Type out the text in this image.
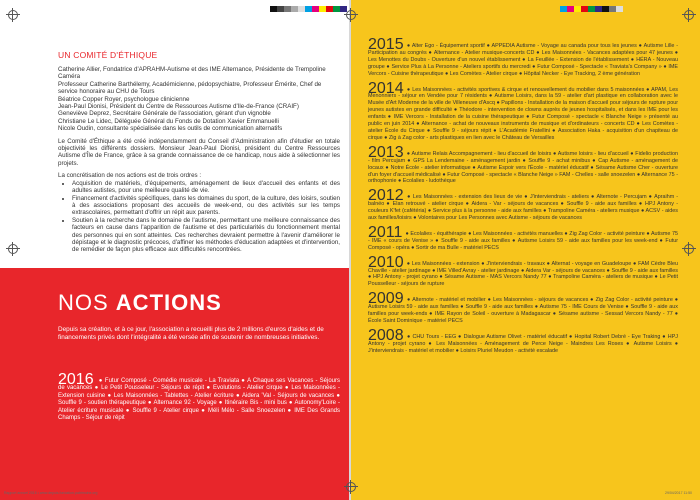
UN COMITÉ D'ÉTHIQUE

Catherine Allier, Fondatrice d'APRAHM-Autisme et des IME Alternance, Présidente de Trempoline Caméra

Professeur Catherine Barthélemy, Académicienne, pédopsychiatre, Professeur Émérite, Chef de service honoraire au CHU de Tours

Béatrice Copper Royer, psychologue clinicienne

Jean-Paul Dionisi, Président du Centre de Ressources Autisme d'Ile-de-France (CRAIF)

Geneviève Deprez, Secrétaire Générale de l'association, gérant d'un vignoble

Christiane Le Lidec, Déléguée Général du Fonds de Dotation Xavier Emmanuelli

Nicole Oudin, consultante spécialisée dans les outils de communication alternatifs

Le Comité d'Éthique a été créé indépendamment du Conseil d'Administration afin d'étudier en totale objectivité les différents dossiers. Monsieur Jean-Paul Dionisi, président du Centre Ressources Autisme d'Île de France, grâce à sa grande connaissance de ce handicap, nous aide à sélectionner les projets.

La concrétisation de nos actions est de trois ordres :

• Acquisition de matériels, d'équipements, aménagement de lieux d'accueil des enfants et des adultes autistes, pour une meilleure qualité de vie.
• Financement d'activités spécifiques, dans les domaines du sport, de la culture, des loisirs, soutien à des associations proposant des accueils de week-end, ou des activités sur les temps extrascolaires, permettant d'offrir un répit aux parents.
• Soutien à la recherche dans le domaine de l'autisme, permettant une meilleure connaissance des facteurs en cause dans l'apparition de l'autisme et des particularités du fonctionnement mental des personnes qui en sont atteintes. Ces recherches devraient permettre à l'avenir d'améliorer le dépistage et le diagnostic précoces, d'affiner les méthodes d'éducation adaptées et d'intervention, de remédier de façon plus efficace aux difficultés rencontrées.
NOS ACTIONS
Depuis sa création, et à ce jour, l'association a recueilli plus de 2 millions d'euros d'aides et de financements privés dont l'intégralité a été versée afin de soutenir de nombreuses initiatives.
2016 ● Futur Composé - Comédie musicale - La Traviata ● A Chaque ses Vacances - Séjours de vacances ● Le Petit Pousseleur - Séjours de répit ● Evolutions - Atelier cirque ● Les Maisonnées - Extension cuisine ● Les Maisonnées - Tablettes - Atelier écriture ● Aidera 'Val - Séjours de vacances ● Souffle 9 - soutien thérapeutique ● Alternance 92 - Voyage ● Itinéraire Bis - mini bus ● Autonomy'Loire - Atelier écriture musicale ● Souffle 9 - Atelier cirque ● Méli Mélo - Salle Snoezelen ● IME Des Grands Champs - Séjour de répit
Rapport annuel 2016 • www.depuis.fondation-patrimoine.org

2015 ● Alter Ego - Équipement sportif ● APPEDIA Autisme - Voyage au canada pour tous les jeunes ● Autisme Lille - Participation au congrès ● Alternance - Atelier musique-concerts CD ● Les Maisonnées - Vacances adaptées pour 47 jeunes ● Les Menottes du Doubs - Ouverture d'un nouvel établissement ● La Feuillée - Extension de l'établissement ● HÉRA - Nouveau groupe ● Service Plus à La Personne - Ateliers sportifs du mercredi ● Futur Composé - Spectacle « Traviata's Company » ● IME Vercors - Cuisine thérapeutique ● Les Comètes - Atelier cirque ● Hôpital Necker - Eye Tracking, 2 ème génération

2014 ● Les Maisonnées - activités sportives & cirque et renouvellement du mobilier dans 5 maisonnées ● APAM, Les Menonniers - séjour en Vendée pour 7 résidents ● Autisme Loisirs, dans la 59 - atelier d'art plastique en collaboration avec le Musée d'Art Moderne de la ville de Villeneuve d'Ascq ● Papillons - Installation de la maison d'accueil pour séjours de rupture pour jeunes autistes en grande difficulté ● Théodore - intervention de clowns auprès de jeunes hospitalisés, et dans les IME pour les enfants ● IME Vercors - Installation de la cuisine thérapeutique ● Futur Composé - spectacle « Blanche Neige » présenté au public en juin 2014 ● Alternance - achat de nouveaux instruments de musique et d'ordinateurs - concerts CD ● Les Comètes - atelier École du Cirque ● Souffle 9 - séjours répit ● L'Académie Fratellini ● Association Haka - acquisition d'un chapiteau de cirque ● Zig à Zag color - arts plastiques en lien avec le Château de Versailles

2013 ● Autisme Relais Accompagnement - lieu d'accueil de loisirs ● Autisme loisirs - lieu d'accueil ● Fidelio production - film Percujam ● GPS La Lendemaine - aménagement jardin ● Souffle 9 - achat minibus ● Cap Autisme - aménagement de locaux ● Notre École - atelier informatique ● Autisme Espoir vers l'École - matériel éducatif ● Sésame Autisme Cher - ouverture d'un foyer d'accueil médicalisé ● Futur Composé - spectacle « Blanche Neige » FAM - Chelles - salle snoezelen ● Alternance 75 - orthophonie ● Ecolalies - ludothèque

2012 ● Les Maisonnées - extension des lieux de vie ● J'interviendrais - ateliers ● Alternote - Percujam ● Apraihm - balnéo ● Elan retrouvé - atelier cirque ● Aidera - Var - séjours de vacances ● Souffle 9 - aide aux familles ● HPJ Antony - couleurs K'fet (cafétéria) ● Service plus à la personne - aide aux familles ● Trampoline Caméra - ateliers musique ● ACSV - aides aux familles/loisirs ● Volontaires pour Les Personnes avec Autisme - séjours de vacances

2011 ● Ecolalies - équithérapie ● Les Maisonnées - activités manuelles ● Zig Zag Color - activité peinture ● Autisme 75 - IME « cours de Venise » ● Souffle 9 - aide aux familles ● Autisme Loisirs 59 - aide aux familles pour les week-end ● Futur Composé - opéra ● Sortir de ma Bulle - matériel PECS

2010 ● Les Maisonnées - extension ● J'interviendrais - travaux ● Alternat - voyage en Guadeloupe ● FAM Cèdre Bleu Chaville - atelier jardinage ● IME Villed'Avray - atelier jardinage ● Aidera Var - séjours de vacances ● Souffle 9 - aide aux familles ● HPJ Antony - projet cyrano ● Sésame Autisme - MAS Vercors Nandy 77 ● Trampoline Caméra - ateliers de musique ● Le Petit Pousselleur - séjours de rupture

2009 ● Alternote - matériel et mobilier ● Les Maisonnées - séjours de vacances ● Zig Zag Color - activité peinture ● Autisme Loisirs 59 - aide aux familles ● Souffle 9 - aide aux familles ● Autisme 75 - IME Cours de Venise ● Souffle 9 - aide aux familles pour week-ends ● IME Rayon de Soleil - ouverture à Madagascar ● Sésame autisme - Sessad Vercors Nandy - 77 ● École Saint Dominique - matériel PECS

2008 ● CHU Tours - EEG ● Dialogue Autisme Olivet - matériel éducatif ● Hopital Robert Debré - Eye Traking ● HPJ Antony - projet cyrano ● Les Maisonnées - Aménagement de Perce Neige - Maindres Les Roses ● Autisme Loisirs ● J'interviendrais - matériel et mobilier ● Loisirs Pluriel Meudon - activité escalade

29/04/2017 11:50
